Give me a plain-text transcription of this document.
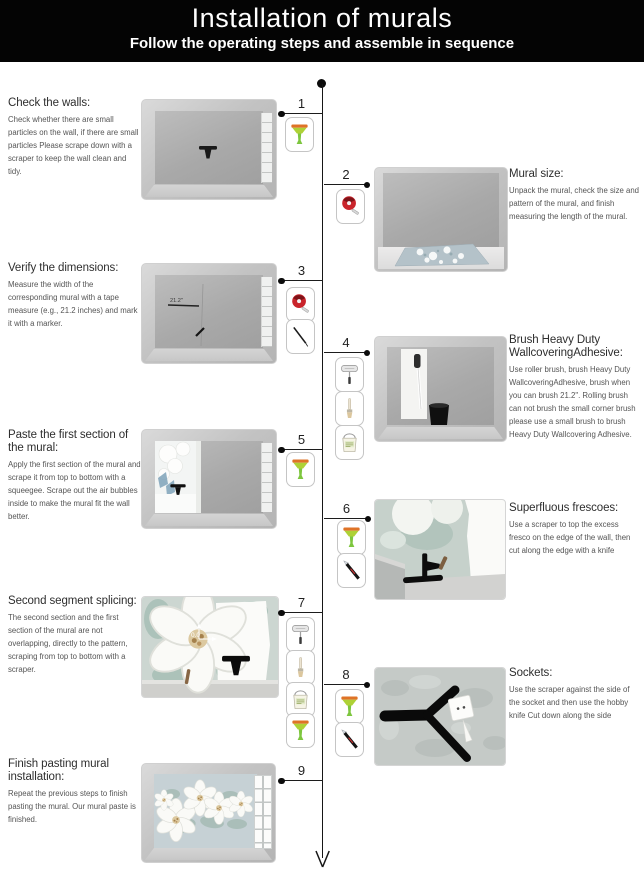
Installation of murals
Follow the operating steps and assemble in sequence
Check the walls:

Check whether there are small particles on the wall, if there are small particles Please scrape down with a scraper to keep the wall clean and tidy.

1
2	Mural size:

Unpack the mural, check the size and pattern of the mural, and finish measuring the length of the mural.

Verify the dimensions:

Measure the width of the corresponding mural with a tape measure (e.g., 21.2 inches) and mark it with a marker.

21.2"
3
4	Brush Heavy Duty WallcoveringAdhesive:

Use roller brush, brush Heavy Duty WallcoveringAdhesive, brush when you can brush 21.2". Rolling brush can not brush the small corner brush please use a small brush to brush Heavy Duty Wallcovering Adhesive.

Paste the first section of the mural:

Apply the first section of the mural and scrape it from top to bottom with a squeegee. Scrape out the air bubbles inside to make the mural fit the wall better.

5
6	Superfluous frescoes:

Use a scraper to top the excess fresco on the edge of the wall, then cut along the edge with a knife

Second segment splicing:

The second section and the first section of the mural are not overlapping, directly to the pattern, scraping from top to bottom with a scraper.

0.0
7
8	Sockets:

Use the scraper against the side of the socket and then use the hobby knife Cut down along the side

Finish pasting mural installation:

Repeat the previous steps to finish pasting the mural. Our mural paste is finished.

9
